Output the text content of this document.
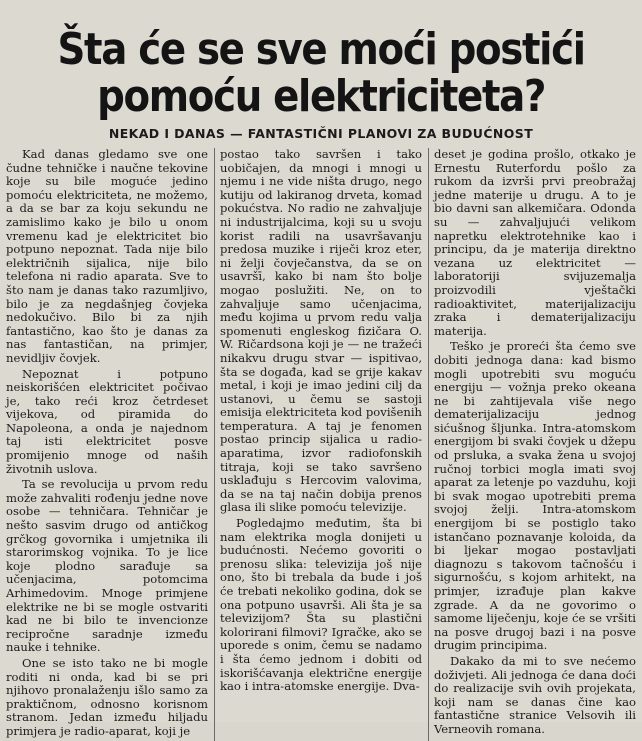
Šta će se sve moći postići pomoću elektriciteta?
NEKAD I DANAS — FANTASTIČNI PLANOVI ZA BUDUĆNOST

Kad danas gledamo sve one čudne tehničke i naučne tekovine koje su bile moguće jedino pomoću elektriciteta, ne možemo, a da se bar za koju sekundu ne zamislimo kako je bilo u onom vremenu kad je elektricitet bio potpuno nepoznat. Tada nije bilo električnih sijalica, nije bilo telefona ni radio aparata. Sve to što nam je danas tako razumljivo, bilo je za negdašnjeg čovjeka nedokučivo. Bilo bi za njih fantastično, kao što je danas za nas fantastičan, na primjer, nevidljiv čovjek.

Nepoznat i potpuno neiskorišćen elektricitet počivao je, tako reći kroz četrdeset vijekova, od piramida do Napoleona, a onda je najednom taj isti elektricitet posve promijenio mnoge od naših životnih uslova.

Ta se revolucija u prvom redu može zahvaliti rođenju jedne nove osobe — tehničara. Tehničar je nešto sasvim drugo od antičkog grčkog govornika i umjetnika ili starorimskog vojnika. To je lice koje plodno sarađuje sa učenjacima, potomcima Arhimedovim. Mnoge primjene elektrike ne bi se mogle ostvariti kad ne bi bilo te invencionze recipročne saradnje između nauke i tehnike.

One se isto tako ne bi mogle roditi ni onda, kad bi se pri njihovo pronalaženju išlo samo za praktičnom, odnosno korisnom stranom. Jedan između hiljadu primjera je radio-aparat, koji je

postao tako savršen i tako uobičajen, da mnogi i mnogi u njemu i ne vide ništa drugo, nego kutiju od lakiranog drveta, komad pokućstva. No radio ne zahvaljuje ni industrijalcima, koji su u svoju korist radili na usavršavanju predosa muzike i riječi kroz eter, ni želji čovječanstva, da se on usavršī, kako bi nam što bolje mogao poslužiti. Ne, on to zahvaljuje samo učenjacima, među kojima u prvom redu valja spomenuti engleskog fizičara O. W. Ričardsona koji je — ne tražeći nikakvu drugu stvar — ispitivao, šta se događa, kad se grije kakav metal, i koji je imao jedini cilj da ustanovi, u čemu se sastoji emisija elektriciteta kod povišenih temperatura. A taj je fenomen postao princip sijalica u radio-aparatima, izvor radiofonskih titraja, koji se tako savršeno usklađuju s Hercovim valovima, da se na taj način dobija prenos glasa ili slike pomoću televizije.

Pogledajmo međutim, šta bi nam elektrika mogla donijeti u budućnosti. Nećemo govoriti o prenosu slika: televizija još nije ono, što bi trebala da bude i još će trebati nekoliko godina, dok se ona potpuno usavrši. Ali šta je sa televizijom? Šta su plastični kolorirani filmovi? Igračke, ako se uporede s onim, čemu se nadamo i šta ćemo jednom i dobiti od iskorišćavanja električne energije kao i intra-atomske energije. Dva-

deset je godina prošlo, otkako je Ernestu Ruterfordu pošlo za rukom da izvrši prvi preobražaj jedne materije u drugu. A to je bio davni san alkemičara. Odonda su — zahvaljujući velikom napretku elektrotehnike kao i principu, da je materija direktno vezana uz elektricitet — laboratoriji svijuzemalja proizvodili vještački radioaktivitet, materijalizaciju zraka i dematerijalizaciju materija.

Teško je proreći šta ćemo sve dobiti jednoga dana: kad bismo mogli upotrebiti svu moguću energiju — vožnja preko okeana ne bi zahtijevala više nego dematerijalizaciju jednog sićušnog šljunka. Intra-atomskom energijom bi svaki čovjek u džepu od prsluka, a svaka žena u svojoj ručnoj torbici mogla imati svoj aparat za letenje po vazduhu, koji bi svak mogao upotrebiti prema svojoj želji. Intra-atomskom energijom bi se postiglo tako istančano poznavanje koloida, da bi ljekar mogao postavljati diagnozu s takovom tačnošću i sigurnošću, s kojom arhitekt, na primjer, izrađuje plan kakve zgrade. A da ne govorimo o samome liječenju, koje će se vršiti na posve drugoj bazi i na posve drugim principima.

Dakako da mi to sve nećemo doživjeti. Ali jednoga će dana doći do realizacije svih ovih projekata, koji nam se danas čine kao fantastične stranice Velsovih ili Verneovih romana.
